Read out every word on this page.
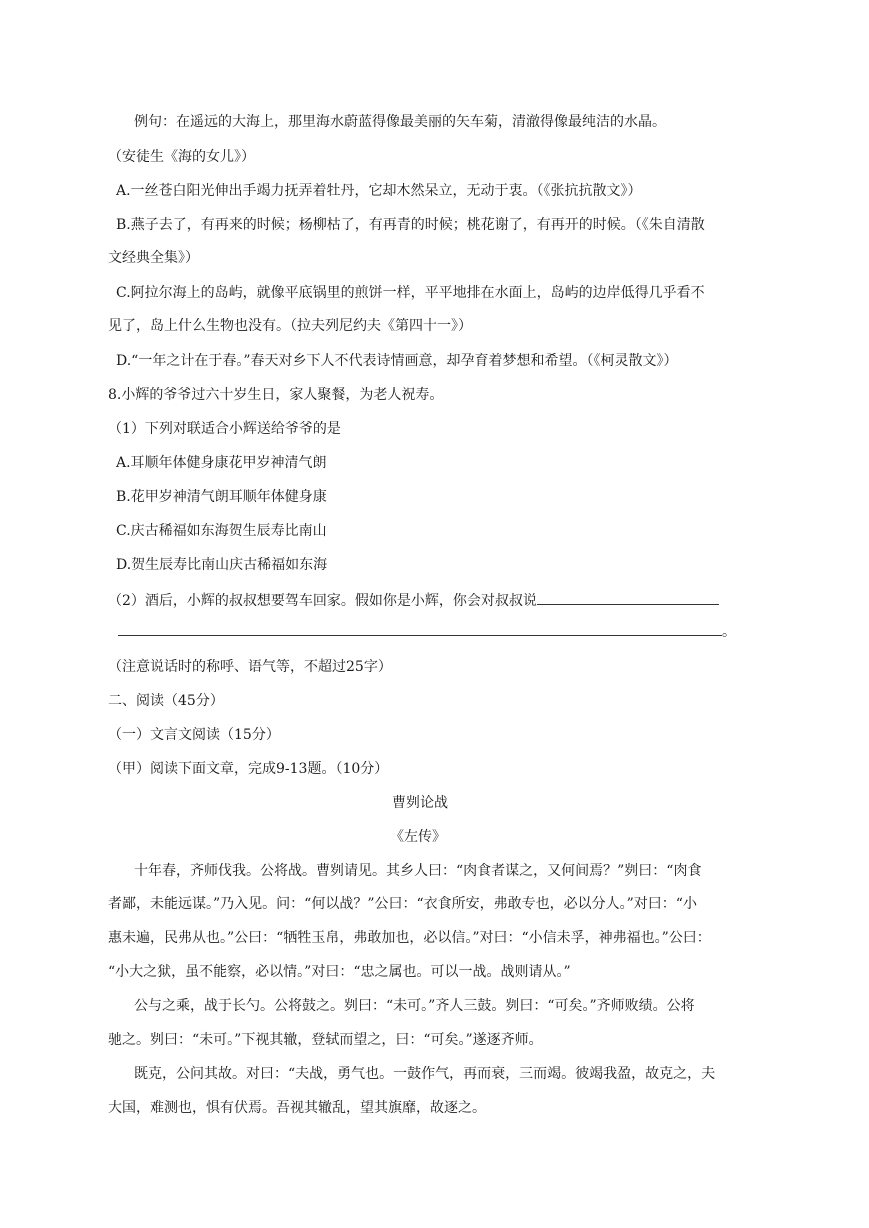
例句：在遥远的大海上，那里海水蔚蓝得像最美丽的矢车菊，清澈得像最纯洁的水晶。
（安徒生《海的女儿》）
A.一丝苍白阳光伸出手竭力抚弄着牡丹，它却木然呆立，无动于衷。（《张抗抗散文》）
B.燕子去了，有再来的时候；杨柳枯了，有再青的时候；桃花谢了，有再开的时候。（《朱自清散
文经典全集》）
C.阿拉尔海上的岛屿，就像平底锅里的煎饼一样，平平地排在水面上，岛屿的边岸低得几乎看不
见了，岛上什么生物也没有。（拉夫列尼约夫《第四十一》）
D.“一年之计在于春。”春天对乡下人不代表诗情画意，却孕育着梦想和希望。（《柯灵散文》）
8.小辉的爷爷过六十岁生日，家人聚餐，为老人祝寿。
（1）下列对联适合小辉送给爷爷的是
A.耳顺年体健身康花甲岁神清气朗
B.花甲岁神清气朗耳顺年体健身康
C.庆古稀福如东海贺生辰寿比南山
D.贺生辰寿比南山庆古稀福如东海
（2）酒后，小辉的叔叔想要驾车回家。假如你是小辉，你会对叔叔说
。
（注意说话时的称呼、语气等，不超过25字）
二、阅读（45分）
（一）文言文阅读（15分）
（甲）阅读下面文章，完成9-13题。（10分）
曹刿论战
《左传》
十年春，齐师伐我。公将战。曹刿请见。其乡人曰：“肉食者谋之，又何间焉？”刿曰：“肉食
者鄙，未能远谋。”乃入见。问：“何以战？”公曰：“衣食所安，弗敢专也，必以分人。”对曰：“小
惠未遍，民弗从也。”公曰：“牺牲玉帛，弗敢加也，必以信。”对曰：“小信未孚，神弗福也。”公曰：
“小大之狱，虽不能察，必以情。”对曰：“忠之属也。可以一战。战则请从。”
公与之乘，战于长勺。公将鼓之。刿曰：“未可。”齐人三鼓。刿曰：“可矣。”齐师败绩。公将
驰之。刿曰：“未可。”下视其辙，登轼而望之，曰：“可矣。”遂逐齐师。
既克，公问其故。对曰：“夫战，勇气也。一鼓作气，再而衰，三而竭。彼竭我盈，故克之，夫
大国，难测也，惧有伏焉。吾视其辙乱，望其旗靡，故逐之。
